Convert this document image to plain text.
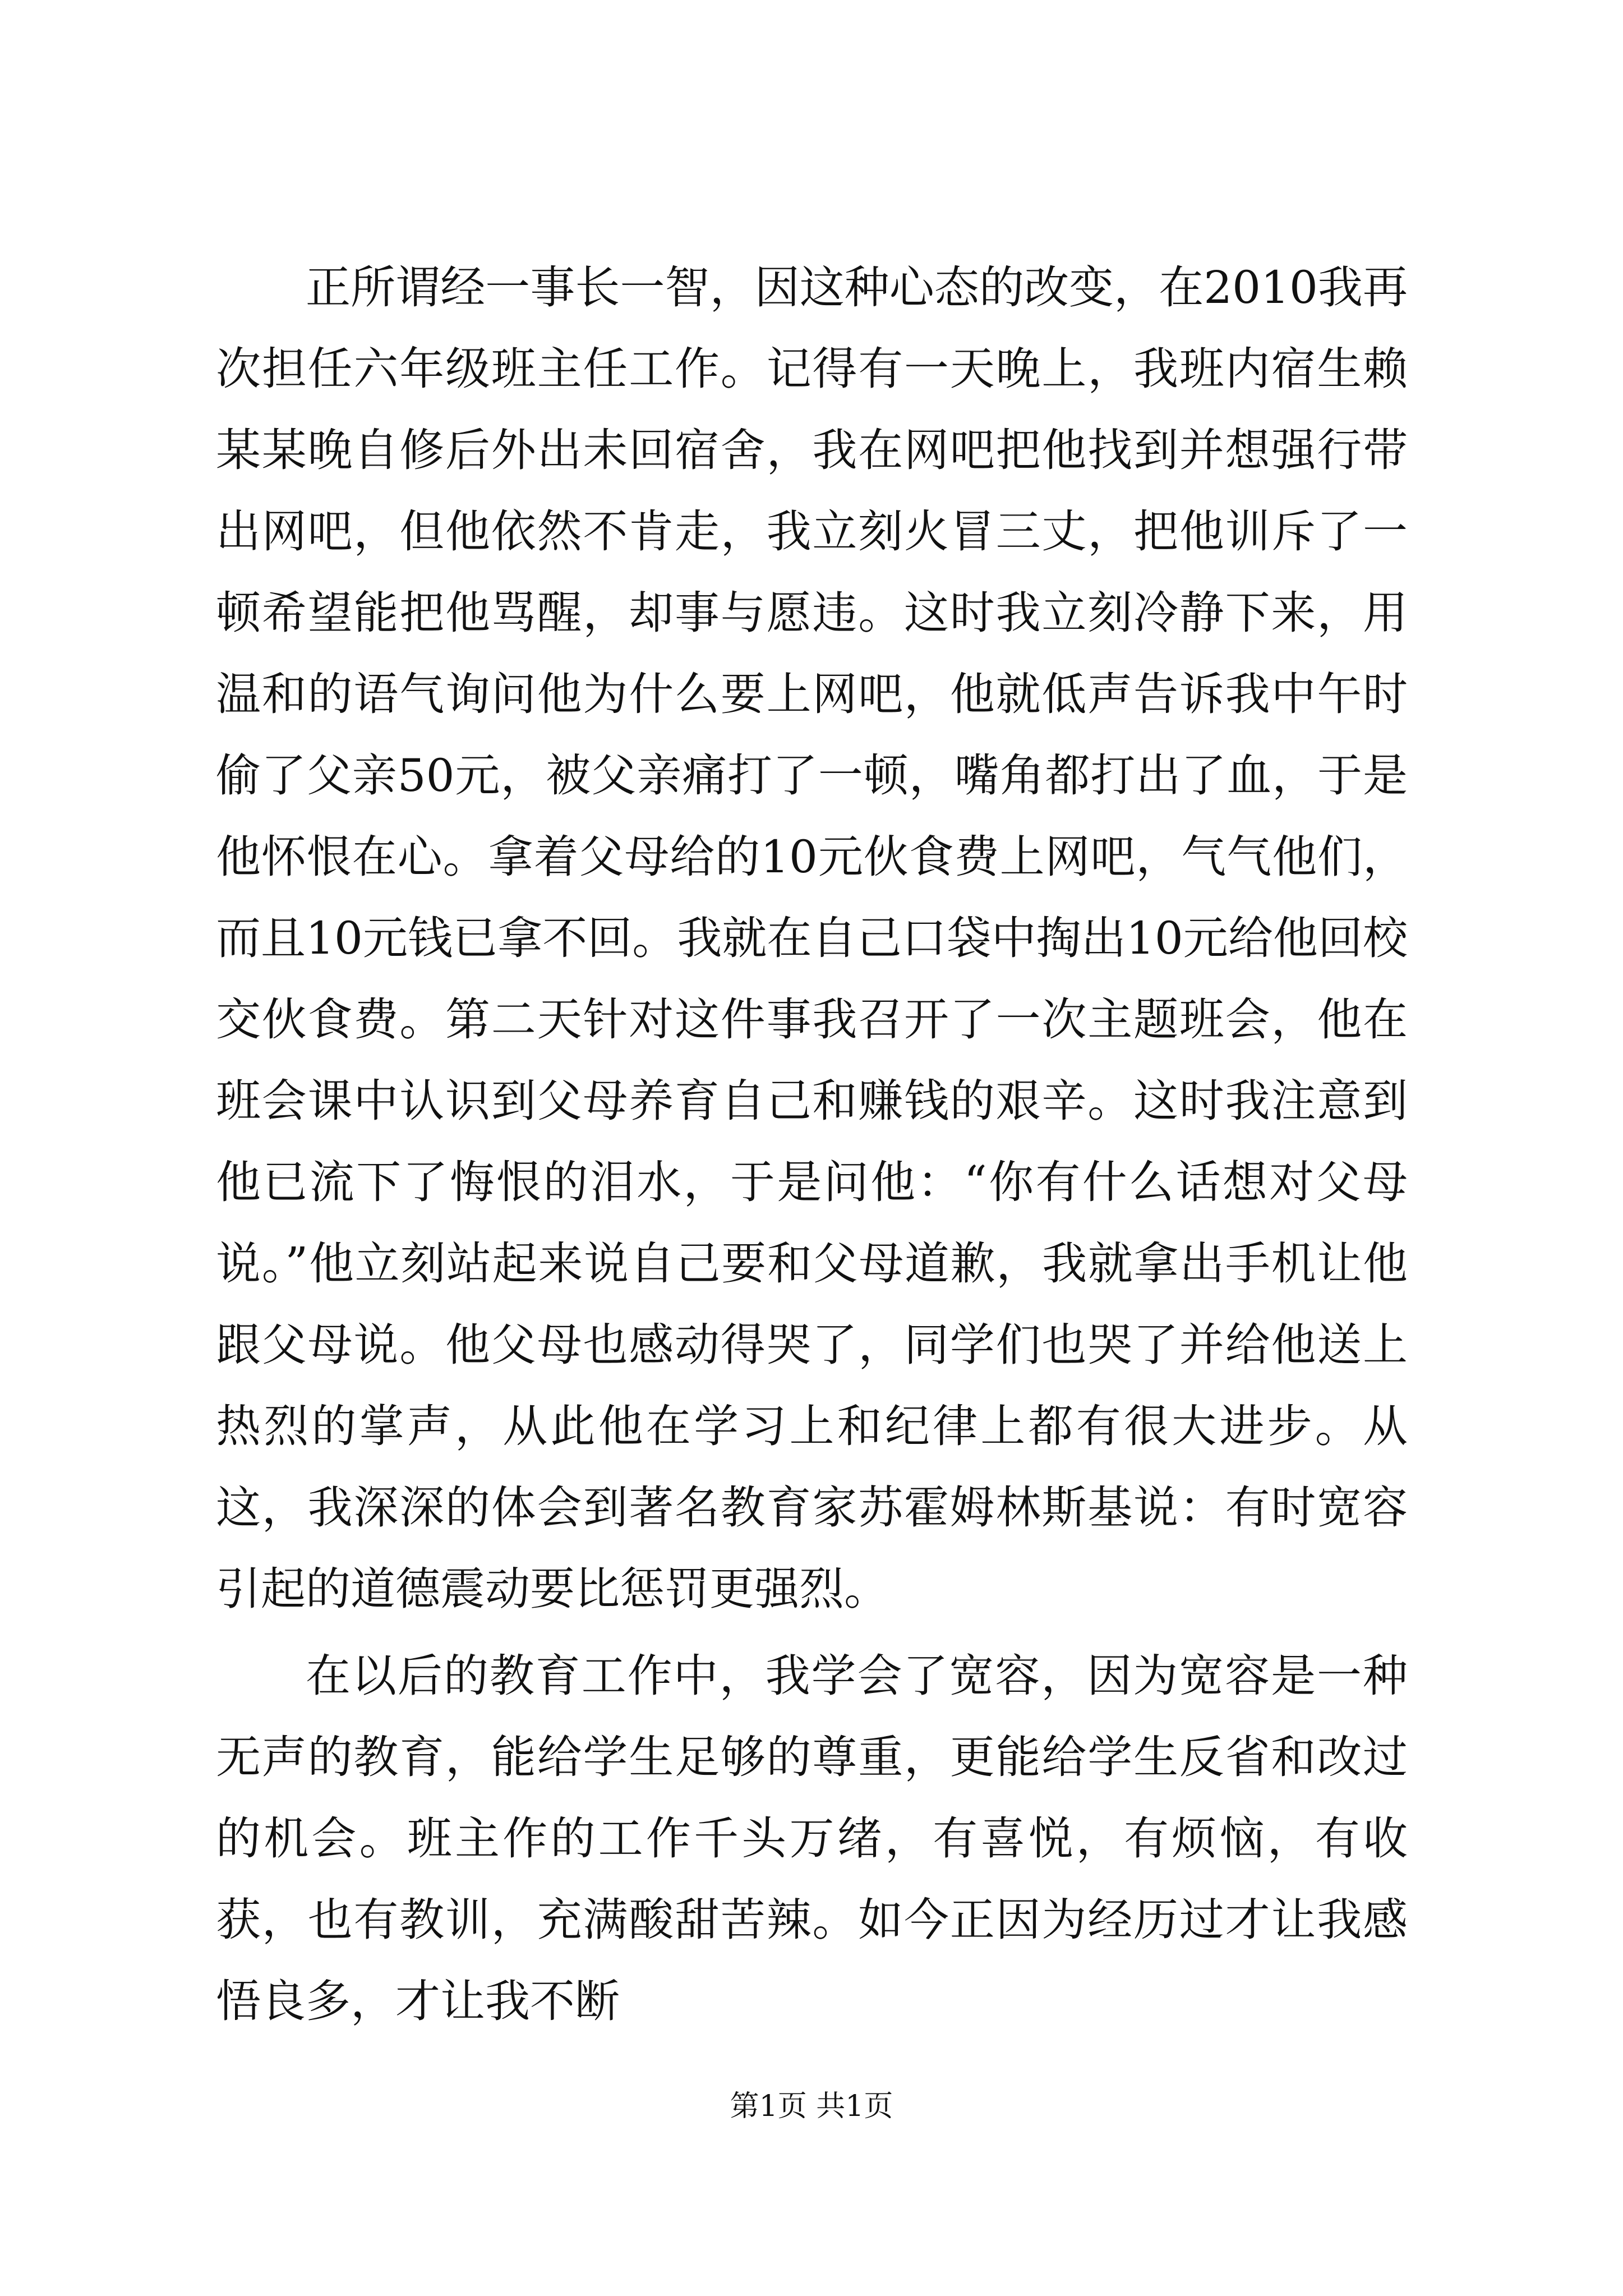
正所谓经一事长一智，因这种心态的改变，在2010我再次担任六年级班主任工作。记得有一天晚上，我班内宿生赖某某晚自修后外出未回宿舍，我在网吧把他找到并想强行带出网吧，但他依然不肯走，我立刻火冒三丈，把他训斥了一顿希望能把他骂醒，却事与愿违。这时我立刻冷静下来，用温和的语气询问他为什么要上网吧，他就低声告诉我中午时偷了父亲50元，被父亲痛打了一顿，嘴角都打出了血，于是他怀恨在心。拿着父母给的10元伙食费上网吧，气气他们，而且10元钱已拿不回。我就在自己口袋中掏出10元给他回校交伙食费。第二天针对这件事我召开了一次主题班会，他在班会课中认识到父母养育自己和赚钱的艰辛。这时我注意到他已流下了悔恨的泪水，于是问他：“你有什么话想对父母说。”他立刻站起来说自己要和父母道歉，我就拿出手机让他跟父母说。他父母也感动得哭了，同学们也哭了并给他送上热烈的掌声，从此他在学习上和纪律上都有很大进步。从这，我深深的体会到著名教育家苏霍姆林斯基说：有时宽容引起的道德震动要比惩罚更强烈。

在以后的教育工作中，我学会了宽容，因为宽容是一种无声的教育，能给学生足够的尊重，更能给学生反省和改过的机会。班主作的工作千头万绪，有喜悦，有烦恼，有收获，也有教训，充满酸甜苦辣。如今正因为经历过才让我感悟良多，才让我不断

第1页 共1页
